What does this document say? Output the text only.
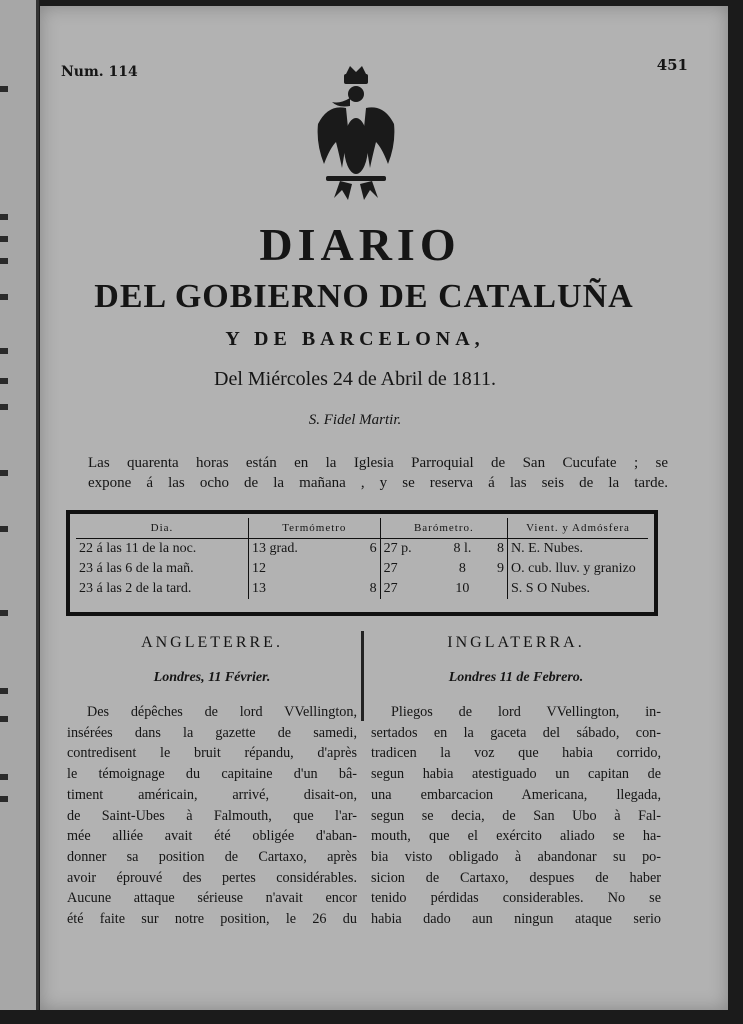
Num. 114	451
DIARIO
DEL GOBIERNO DE CATALUÑA
Y DE BARCELONA,
Del Miércoles 24 de Abril de 1811.
S. Fidel Martir.
Las quarenta horas están en la Iglesia Parroquial de San Cucufate ; se
expone á las ocho de la mañana , y se reserva á las seis de la tarde.
Dia.	Termómetro		Barómetro.			Vient. y Admósfera
22 á las 11 de la noc.	13 grad.	6	27 p.	8 l.	8	N. E. Nubes.
23 á las 6 de la mañ.	12		27	8	9	O. cub. lluv. y granizo
23 á las 2 de la tard.	13	8	27	10		S. S O Nubes.
ANGLETERRE.
Londres, 11 Février.

Des dépêches de lord VVellington,
insérées dans la gazette de samedi,
contredisent le bruit répandu, d'après
le témoignage du capitaine d'un bâ-
timent américain, arrivé, disait-on,
de Saint-Ubes à Falmouth, que l'ar-
mée alliée avait été obligée d'aban-
donner sa position de Cartaxo, après
avoir éprouvé des pertes considérables.
Aucune attaque sérieuse n'avait encor
été faite sur notre position, le 26 du

INGLATERRA.
Londres 11 de Febrero.

Pliegos de lord VVellington, in-
sertados en la gaceta del sábado, con-
tradicen la voz que habia corrido,
segun habia atestiguado un capitan de
una embarcacion Americana, llegada,
segun se decia, de San Ubo à Fal-
mouth, que el exército aliado se ha-
bia visto obligado à abandonar su po-
sicion de Cartaxo, despues de haber
tenido pérdidas considerables. No se
habia dado aun ningun ataque serio
